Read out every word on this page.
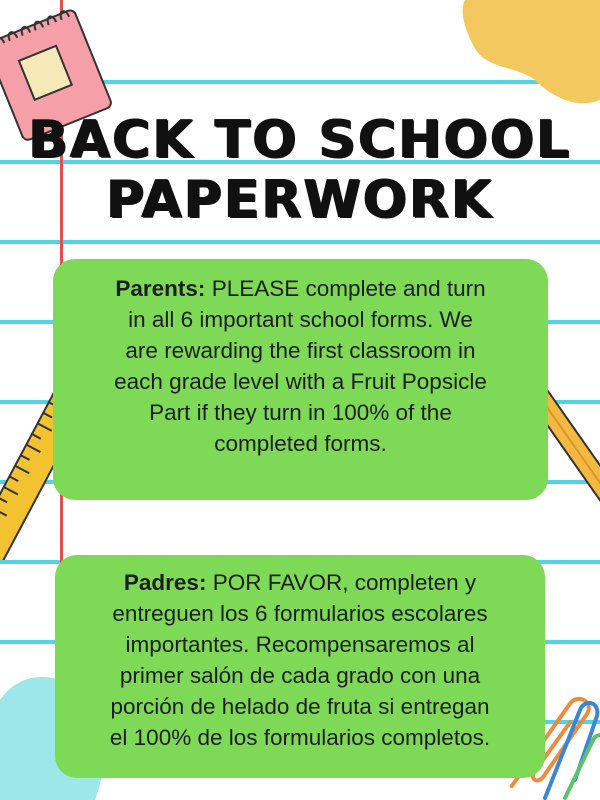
BACK TO SCHOOL
PAPERWORK
Parents: PLEASE complete and turn
in all 6 important school forms. We
are rewarding the first classroom in
each grade level with a Fruit Popsicle
Part if they turn in 100% of the
completed forms.
Padres: POR FAVOR, completen y
entreguen los 6 formularios escolares
importantes. Recompensaremos al
primer salón de cada grado con una
porción de helado de fruta si entregan
el 100% de los formularios completos.
